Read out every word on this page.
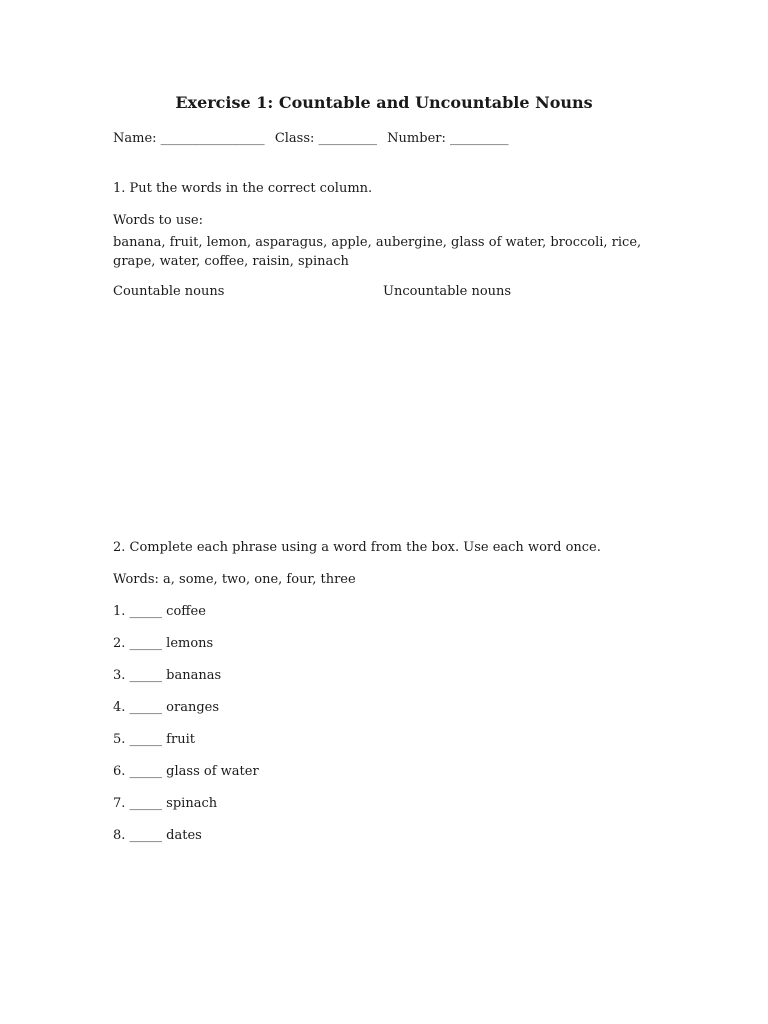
Exercise 1: Countable and Uncountable Nouns
Name: ________________ Class: _________ Number: _________
1. Put the words in the correct column.
Words to use:
banana, fruit, lemon, asparagus, apple, aubergine, glass of water, broccoli, rice, grape, water, coffee, raisin, spinach
Countable nouns	Uncountable nouns
2. Complete each phrase using a word from the box. Use each word once.
Words: a, some, two, one, four, three
1. _____ coffee
2. _____ lemons
3. _____ bananas
4. _____ oranges
5. _____ fruit
6. _____ glass of water
7. _____ spinach
8. _____ dates
